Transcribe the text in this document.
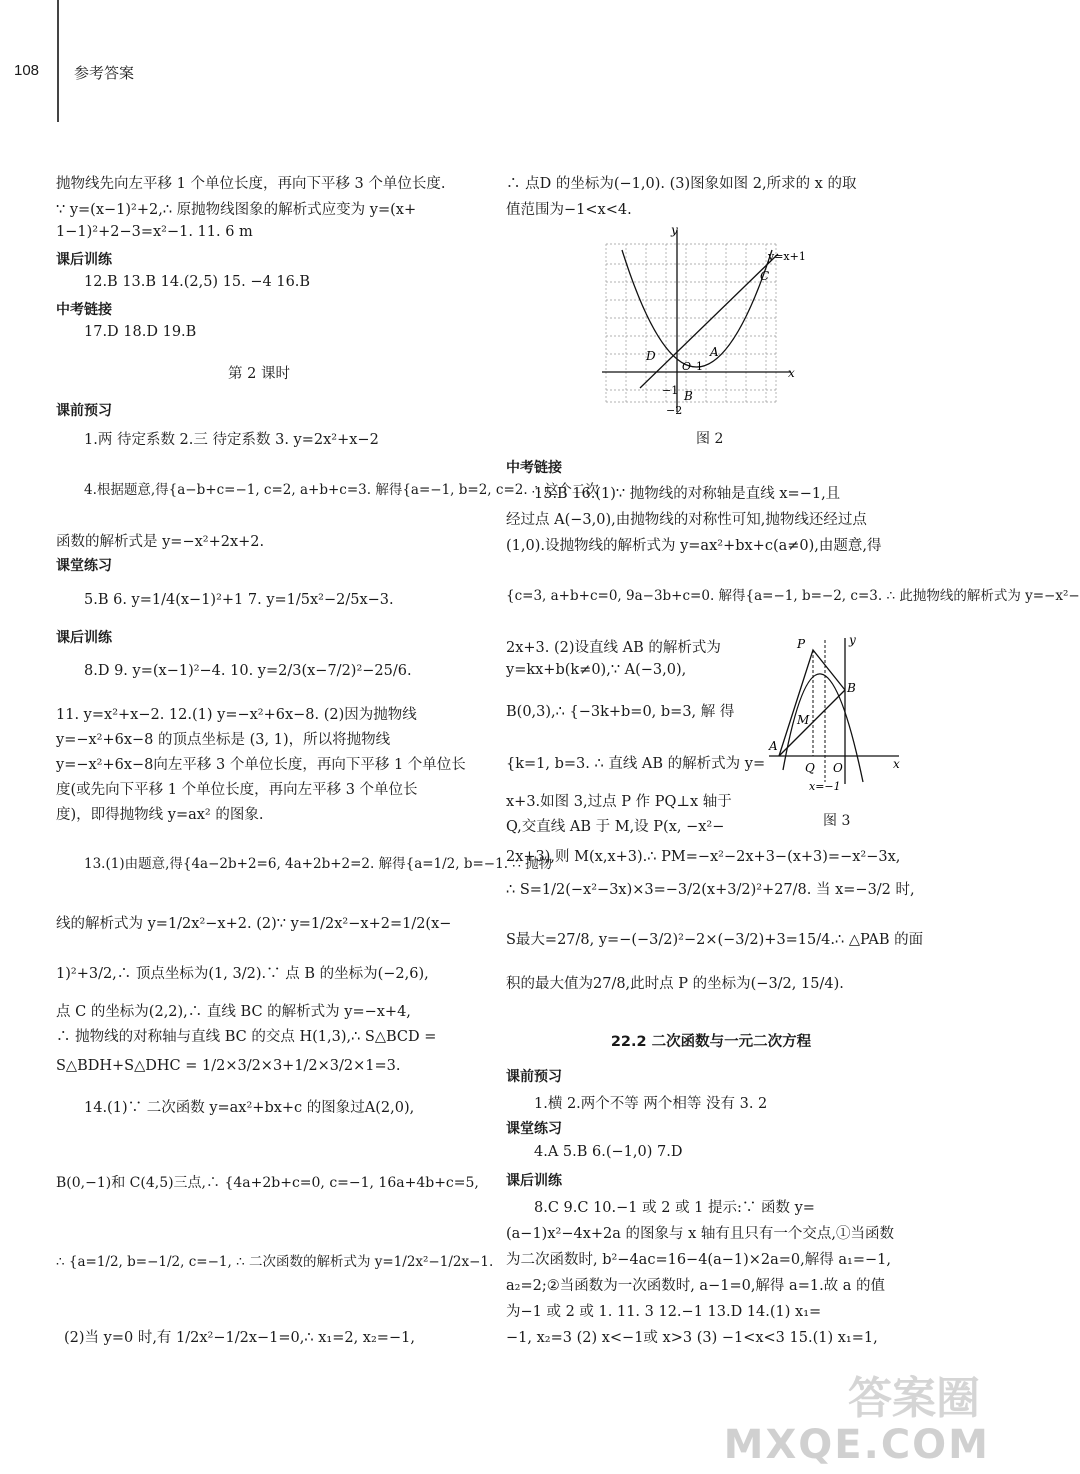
108 参考答案
抛物线先向左平移 1 个单位长度，再向下平移 3 个单位长度.
∵ y=(x−1)²+2,∴ 原抛物线图象的解析式应变为 y=(x+
1−1)²+2−3=x²−1. 11. 6 m
课后训练
12.B 13.B 14.(2,5) 15. −4 16.B
中考链接
17.D 18.D 19.B
第 2 课时
课前预习
1.两 待定系数 2.三 待定系数 3. y=2x²+x−2
4.根据题意,得{a−b+c=−1, c=2, a+b+c=3. 解得{a=−1, b=2, c=2. ∴ 这个二次
函数的解析式是 y=−x²+2x+2.
课堂练习
5.B 6. y=1/4(x−1)²+1 7. y=1/5x²−2/5x−3.
课后训练
8.D 9. y=(x−1)²−4. 10. y=2/3(x−7/2)²−25/6.
11. y=x²+x−2. 12.(1) y=−x²+6x−8. (2)因为抛物线
y=−x²+6x−8 的顶点坐标是 (3, 1)，所以将抛物线
y=−x²+6x−8向左平移 3 个单位长度，再向下平移 1 个单位长
度(或先向下平移 1 个单位长度，再向左平移 3 个单位长
度)，即得抛物线 y=ax² 的图象.
13.(1)由题意,得{4a−2b+2=6, 4a+2b+2=2. 解得{a=1/2, b=−1. ∴ 抛物
线的解析式为 y=1/2x²−x+2. (2)∵ y=1/2x²−x+2=1/2(x−
1)²+3/2,∴ 顶点坐标为(1, 3/2).∵ 点 B 的坐标为(−2,6),
点 C 的坐标为(2,2),∴ 直线 BC 的解析式为 y=−x+4,
∴ 抛物线的对称轴与直线 BC 的交点 H(1,3),∴ S△BCD =
S△BDH+S△DHC = 1/2×3/2×3+1/2×3/2×1=3.
14.(1)∵ 二次函数 y=ax²+bx+c 的图象过A(2,0),
B(0,−1)和 C(4,5)三点,∴ {4a+2b+c=0, c=−1, 16a+4b+c=5,
∴ {a=1/2, b=−1/2, c=−1, ∴ 二次函数的解析式为 y=1/2x²−1/2x−1.
(2)当 y=0 时,有 1/2x²−1/2x−1=0,∴ x₁=2, x₂=−1,
∴ 点D 的坐标为(−1,0). (3)图象如图 2,所求的 x 的取
值范围为−1<x<4.
y
x
C
A
B
D
O 1
−2
−1
y=x+1
图 2
中考链接
15.B 16.(1)∵ 抛物线的对称轴是直线 x=−1,且
经过点 A(−3,0),由抛物线的对称性可知,抛物线还经过点
(1,0).设抛物线的解析式为 y=ax²+bx+c(a≠0),由题意,得
{c=3, a+b+c=0, 9a−3b+c=0. 解得{a=−1, b=−2, c=3. ∴ 此抛物线的解析式为 y=−x²−
2x+3. (2)设直线 AB 的解析式为
y=kx+b(k≠0),∵ A(−3,0),
B(0,3),∴ {−3k+b=0, b=3, 解 得
{k=1, b=3. ∴ 直线 AB 的解析式为 y=
x+3.如图 3,过点 P 作 PQ⊥x 轴于
Q,交直线 AB 于 M,设 P(x, −x²−
2x+3),则 M(x,x+3).∴ PM=−x²−2x+3−(x+3)=−x²−3x,
∴ S=1/2(−x²−3x)×3=−3/2(x+3/2)²+27/8. 当 x=−3/2 时,
S最大=27/8, y=−(−3/2)²−2×(−3/2)+3=15/4.∴ △PAB 的面
积的最大值为27/8,此时点 P 的坐标为(−3/2, 15/4).
y
x
P
B
M
A
Q O
x=−1
图 3
22.2 二次函数与一元二次方程
课前预习
1.横 2.两个不等 两个相等 没有 3. 2
课堂练习
4.A 5.B 6.(−1,0) 7.D
课后训练
8.C 9.C 10.−1 或 2 或 1 提示:∵ 函数 y=
(a−1)x²−4x+2a 的图象与 x 轴有且只有一个交点,①当函数
为二次函数时, b²−4ac=16−4(a−1)×2a=0,解得 a₁=−1,
a₂=2;②当函数为一次函数时, a−1=0,解得 a=1.故 a 的值
为−1 或 2 或 1. 11. 3 12.−1 13.D 14.(1) x₁=
−1, x₂=3 (2) x<−1或 x>3 (3) −1<x<3 15.(1) x₁=1,
答案圈
MXQE.COM
